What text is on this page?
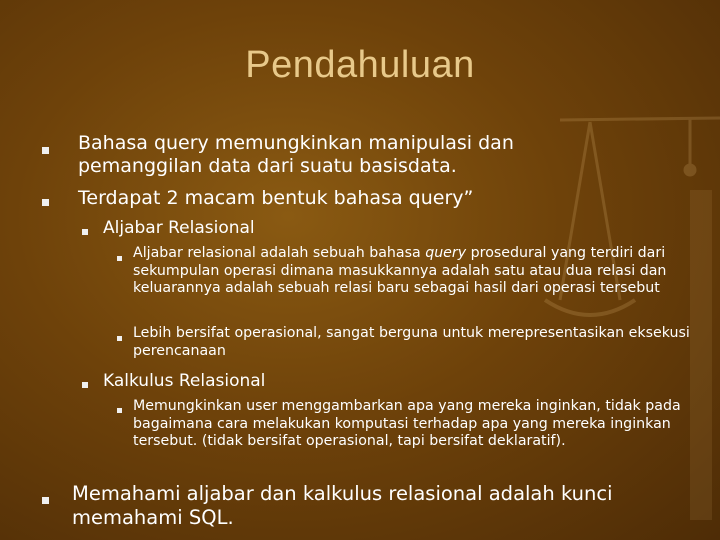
Pendahuluan
Bahasa query memungkinkan manipulasi dan pemanggilan data dari suatu basisdata.
Terdapat 2 macam bentuk bahasa query”
Aljabar Relasional
Aljabar relasional adalah sebuah bahasa query prosedural yang terdiri dari sekumpulan operasi dimana masukkannya adalah satu atau dua relasi dan keluarannya adalah sebuah relasi baru sebagai hasil dari operasi tersebut
Lebih bersifat operasional, sangat berguna untuk merepresentasikan eksekusi perencanaan
Kalkulus Relasional
Memungkinkan user menggambarkan apa yang mereka inginkan, tidak pada bagaimana cara melakukan komputasi terhadap apa yang mereka inginkan tersebut. (tidak bersifat operasional, tapi bersifat deklaratif).
Memahami aljabar dan kalkulus relasional adalah kunci memahami SQL.
